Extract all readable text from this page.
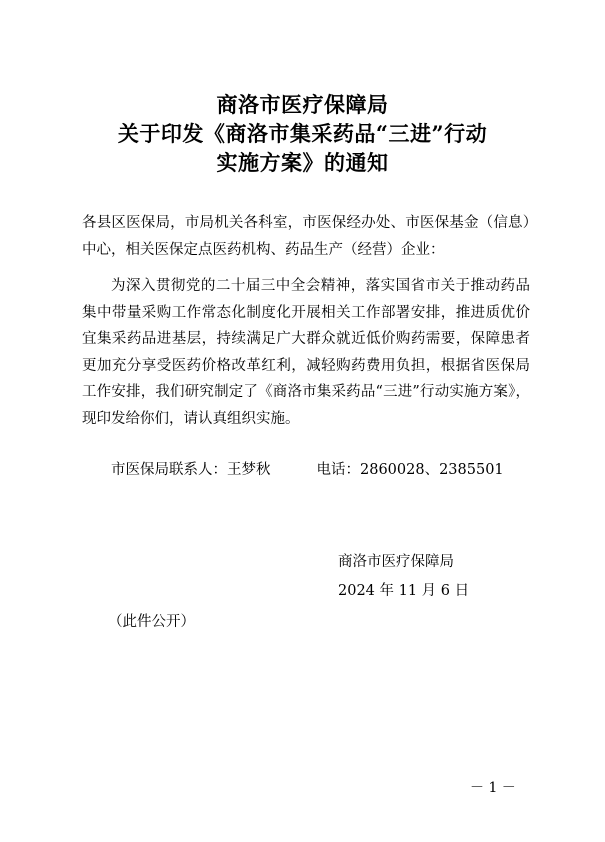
商洛市医疗保障局
关于印发《商洛市集采药品“三进”行动
实施方案》的通知
各县区医保局，市局机关各科室，市医保经办处、市医保基金（信息）中心，相关医保定点医药机构、药品生产（经营）企业：
为深入贯彻党的二十届三中全会精神，落实国省市关于推动药品集中带量采购工作常态化制度化开展相关工作部署安排，推进质优价宜集采药品进基层，持续满足广大群众就近低价购药需要，保障患者更加充分享受医药价格改革红利，减轻购药费用负担，根据省医保局工作安排，我们研究制定了《商洛市集采药品“三进”行动实施方案》，现印发给你们，请认真组织实施。
市医保局联系人：王梦秋	电话：2860028、2385501
商洛市医疗保障局
2024 年 11 月 6 日
（此件公开）
－ 1 －
